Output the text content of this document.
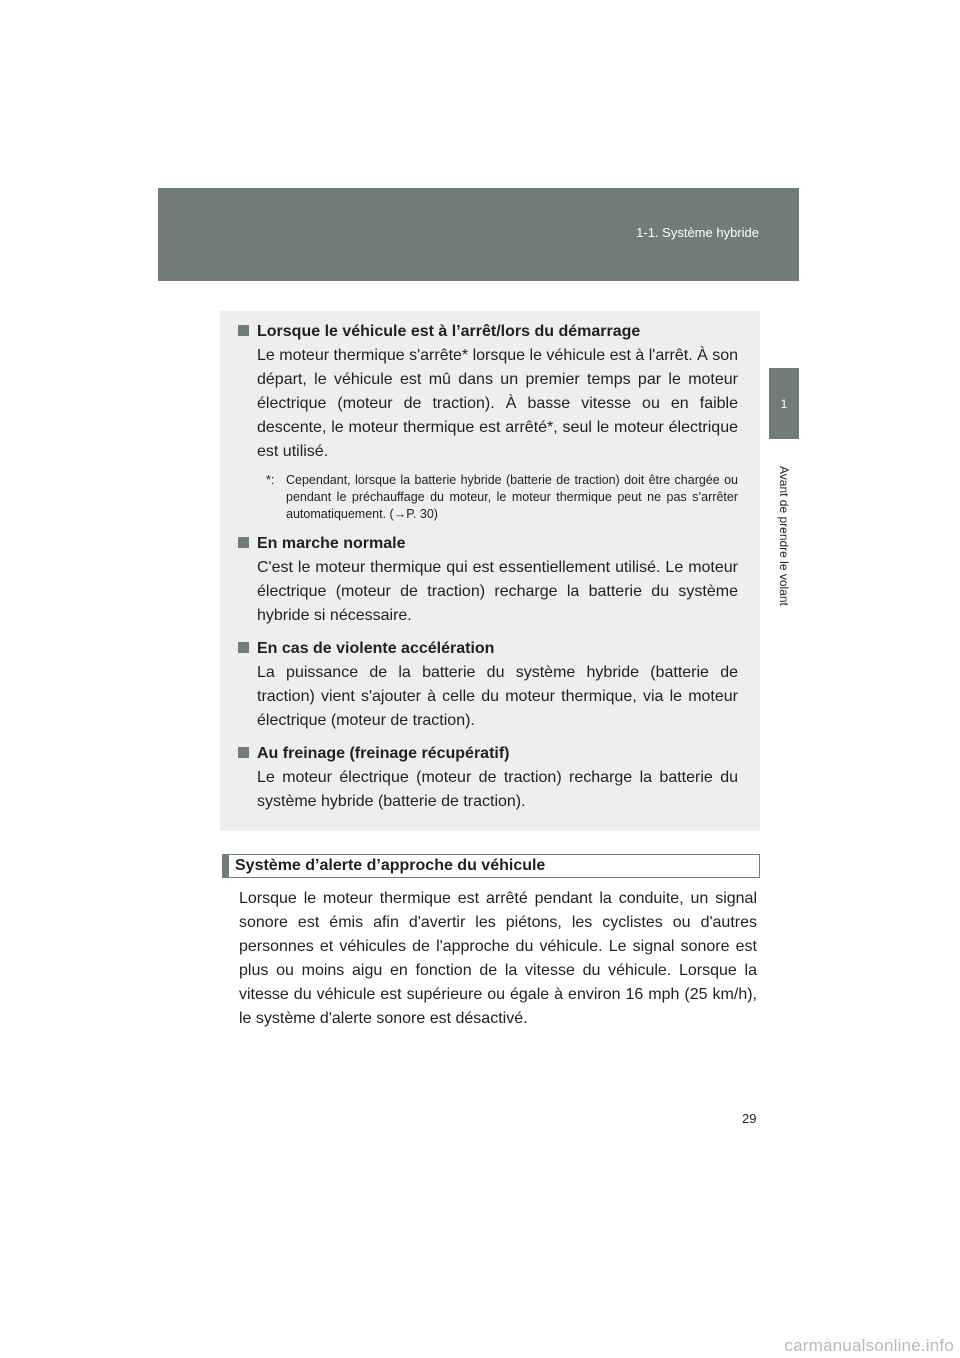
1-1. Système hybride
1
Avant de prendre le volant
Lorsque le véhicule est à l’arrêt/lors du démarrage
Le moteur thermique s'arrête* lorsque le véhicule est à l'arrêt. À son départ, le véhicule est mû dans un premier temps par le moteur électrique (moteur de traction). À basse vitesse ou en faible descente, le moteur thermique est arrêté*, seul le moteur électrique est utilisé.
*: Cependant, lorsque la batterie hybride (batterie de traction) doit être chargée ou pendant le préchauffage du moteur, le moteur thermique peut ne pas s’arrêter automatiquement. (→P. 30)
En marche normale
C'est le moteur thermique qui est essentiellement utilisé. Le moteur électrique (moteur de traction) recharge la batterie du système hybride si nécessaire.
En cas de violente accélération
La puissance de la batterie du système hybride (batterie de traction) vient s'ajouter à celle du moteur thermique, via le moteur électrique (moteur de traction).
Au freinage (freinage récupératif)
Le moteur électrique (moteur de traction) recharge la batterie du système hybride (batterie de traction).
Système d’alerte d’approche du véhicule
Lorsque le moteur thermique est arrêté pendant la conduite, un signal sonore est émis afin d'avertir les piétons, les cyclistes ou d'autres personnes et véhicules de l'approche du véhicule. Le signal sonore est plus ou moins aigu en fonction de la vitesse du véhicule. Lorsque la vitesse du véhicule est supérieure ou égale à environ 16 mph (25 km/h), le système d'alerte sonore est désactivé.
29
carmanualsonline.info
